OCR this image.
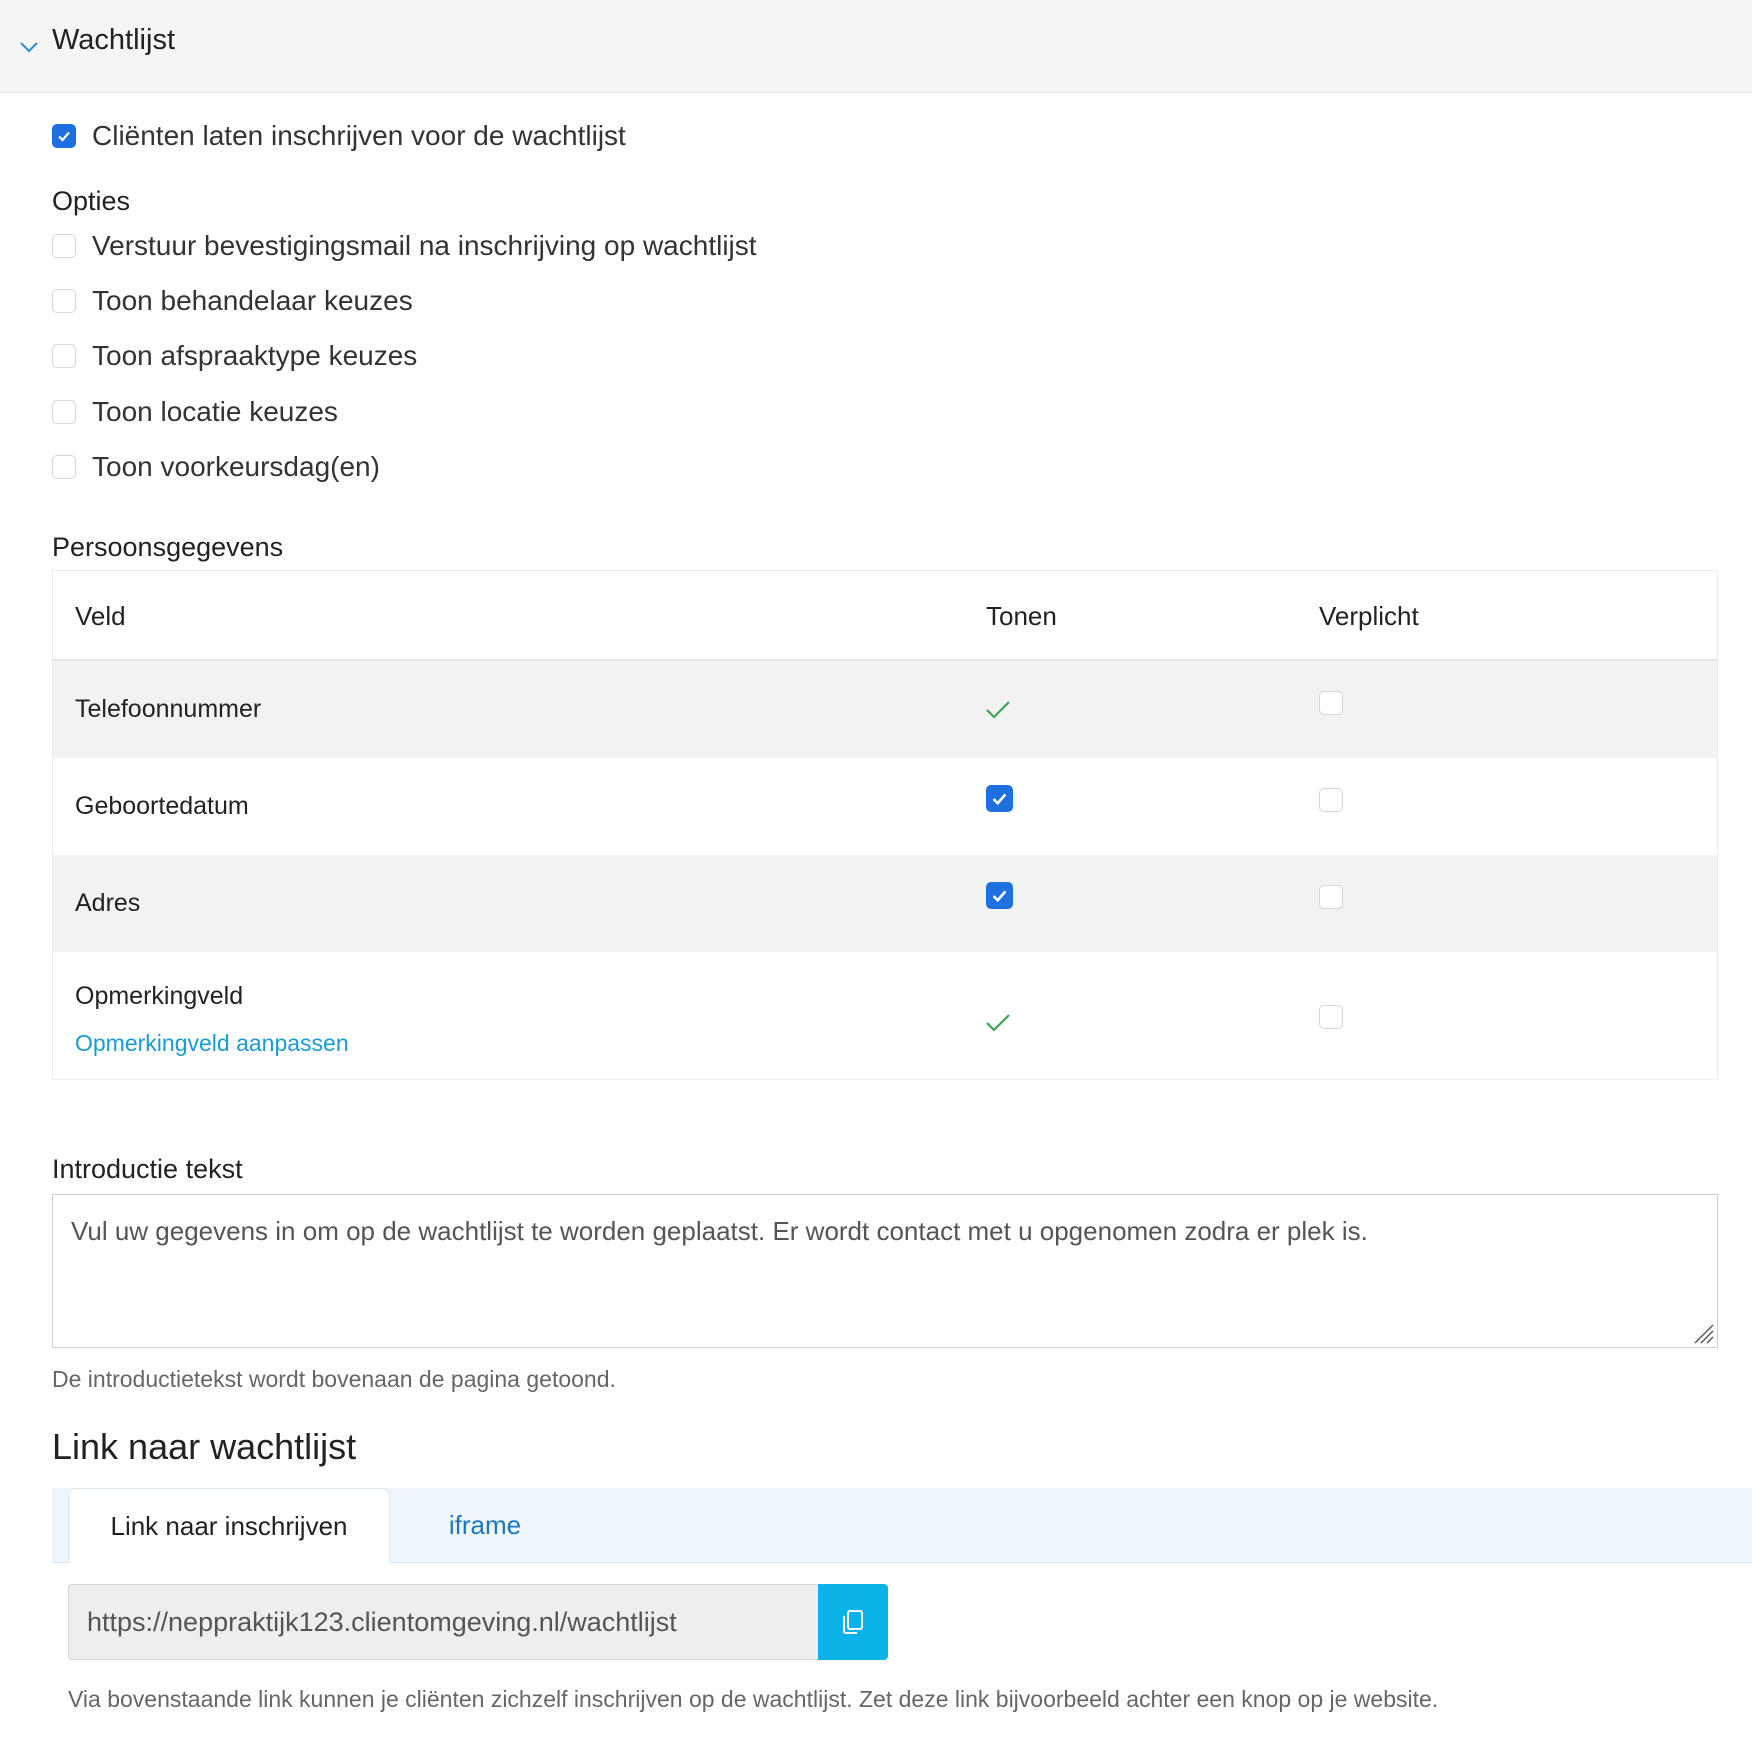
Wachtlijst
Cliënten laten inschrijven voor de wachtlijst
Opties
Verstuur bevestigingsmail na inschrijving op wachtlijst
Toon behandelaar keuzes
Toon afspraaktype keuzes
Toon locatie keuzes
Toon voorkeursdag(en)
Persoonsgegevens
Veld	Tonen	Verplicht
Telefoonnummer
Geboortedatum
Adres
Opmerkingveld
Opmerkingveld aanpassen
Introductie tekst
Vul uw gegevens in om op de wachtlijst te worden geplaatst. Er wordt contact met u opgenomen zodra er plek is.
De introductietekst wordt bovenaan de pagina getoond.
Link naar wachtlijst
Link naar inschrijven	iframe
https://neppraktijk123.clientomgeving.nl/wachtlijst
Via bovenstaande link kunnen je cliënten zichzelf inschrijven op de wachtlijst. Zet deze link bijvoorbeeld achter een knop op je website.
